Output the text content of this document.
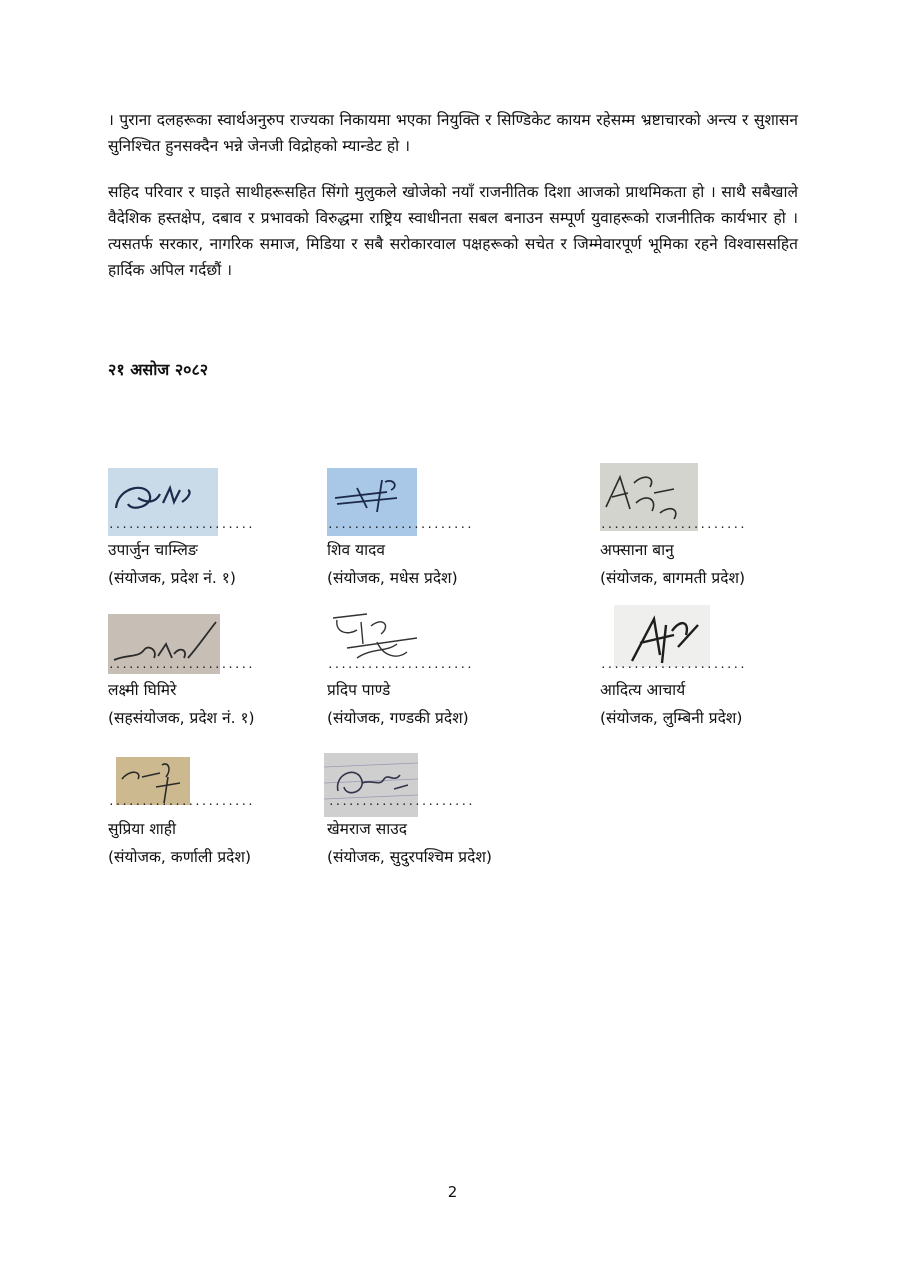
। पुराना दलहरूका स्वार्थअनुरुप राज्यका निकायमा भएका नियुक्ति र सिण्डिकेट कायम रहेसम्म भ्रष्टाचारको अन्त्य र सुशासन सुनिश्चित हुनसक्दैन भन्ने जेनजी विद्रोहको म्यान्डेट हो ।

सहिद परिवार र घाइते साथीहरूसहित सिंगो मुलुकले खोजेको नयाँ राजनीतिक दिशा आजको प्राथमिकता हो । साथै सबैखाले वैदेशिक हस्तक्षेप, दबाव र प्रभावको विरुद्धमा राष्ट्रिय स्वाधीनता सबल बनाउन सम्पूर्ण युवाहरूको राजनीतिक कार्यभार हो । त्यसतर्फ सरकार, नागरिक समाज, मिडिया र सबै सरोकारवाल पक्षहरूको सचेत र जिम्मेवारपूर्ण भूमिका रहने विश्वाससहित हार्दिक अपिल गर्दछौं ।

२१ असोज २०८२
......................
उपार्जुन चाम्लिङ
(संयोजक, प्रदेश नं. १)
......................
शिव यादव
(संयोजक, मधेस प्रदेश)
......................
अफ्साना बानु
(संयोजक, बागमती प्रदेश)
......................
लक्ष्मी घिमिरे
(सहसंयोजक, प्रदेश नं. १)
......................
प्रदिप पाण्डे
(संयोजक, गण्डकी प्रदेश)
......................
आदित्य आचार्य
(संयोजक, लुम्बिनी प्रदेश)
......................
सुप्रिया शाही
(संयोजक, कर्णाली प्रदेश)
......................
खेमराज साउद
(संयोजक, सुदुरपश्चिम प्रदेश)
2
